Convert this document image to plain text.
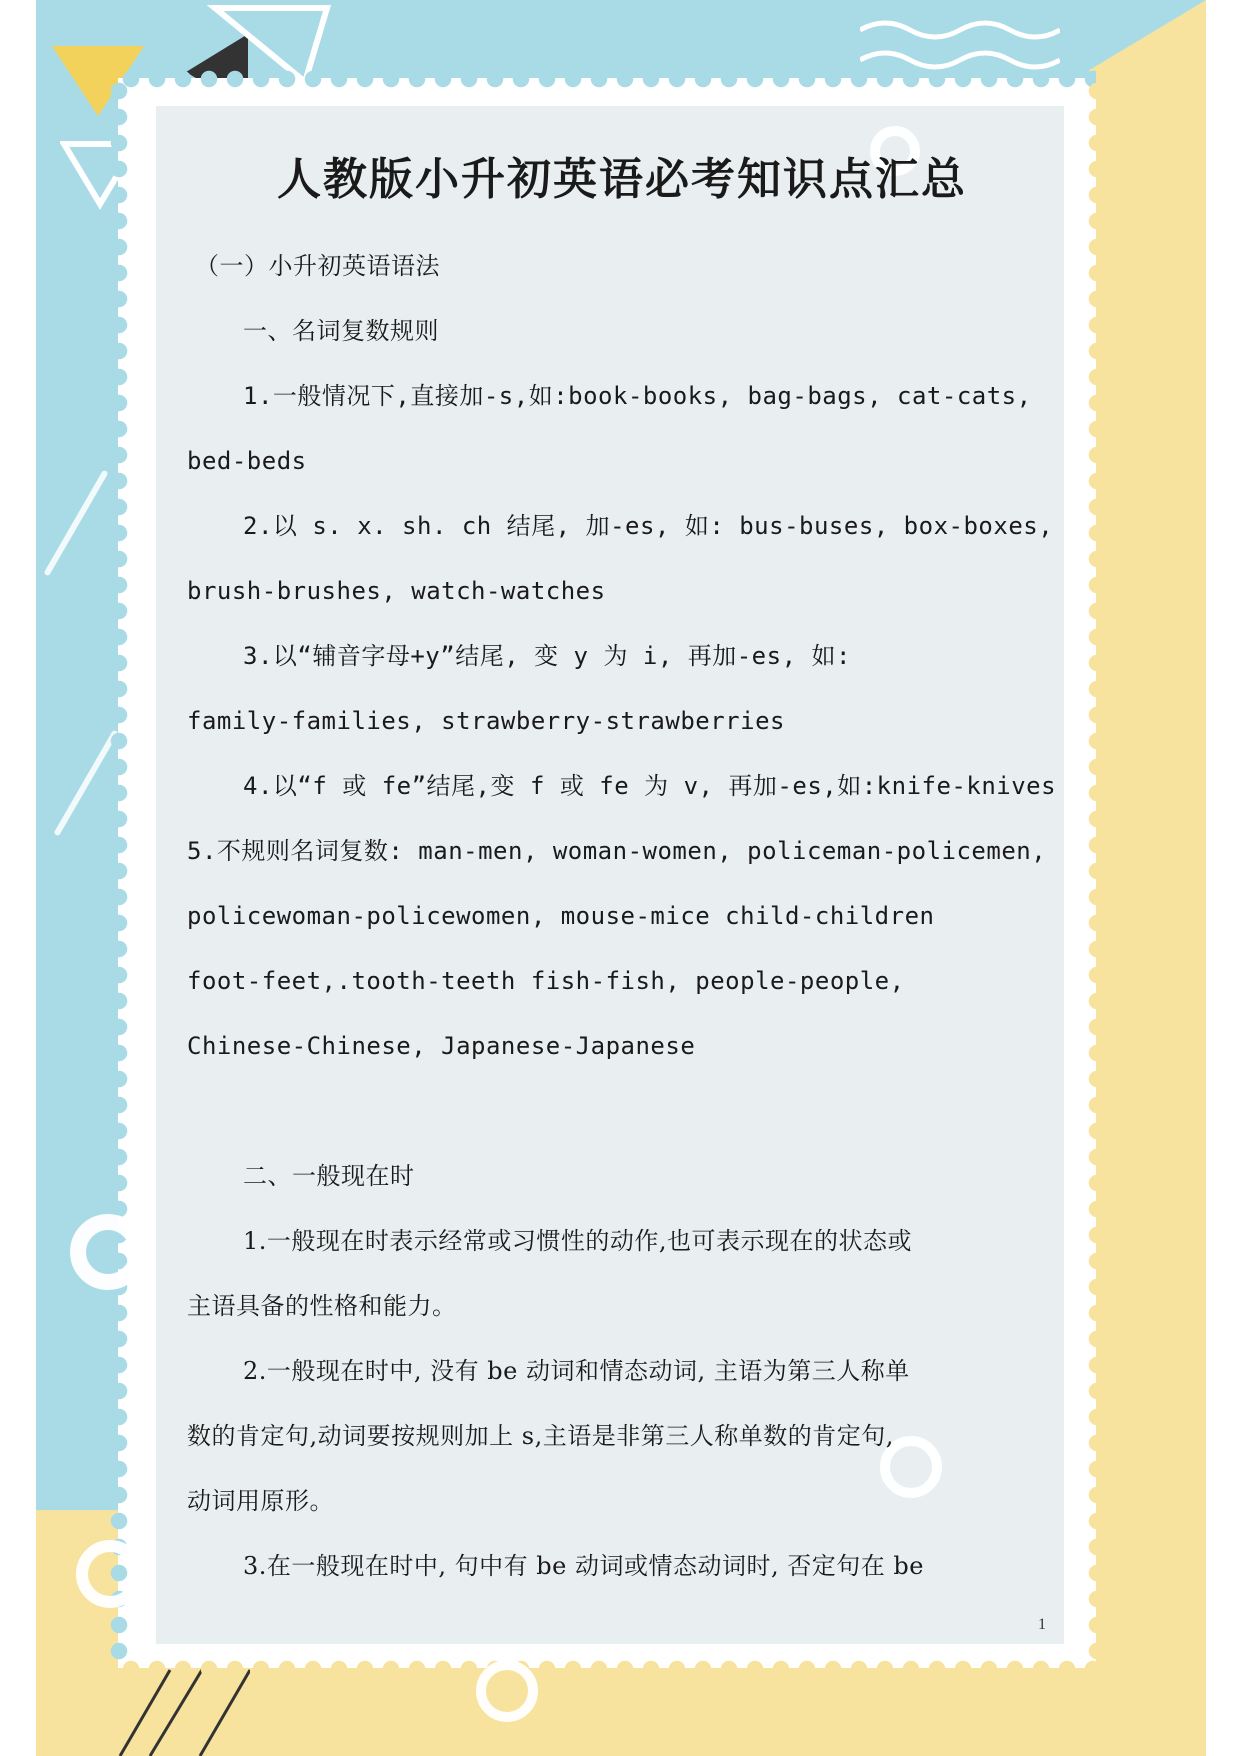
人教版小升初英语必考知识点汇总
（一）小升初英语语法
一、名词复数规则
1.一般情况下,直接加-s,如:book-books, bag-bags, cat-cats,
bed-beds
2.以 s. x. sh. ch 结尾, 加-es, 如: bus-buses, box-boxes,
brush-brushes, watch-watches
3.以“辅音字母+y”结尾, 变 y 为 i, 再加-es, 如:
family-families, strawberry-strawberries
4.以“f 或 fe”结尾,变 f 或 fe 为 v, 再加-es,如:knife-knives
5.不规则名词复数: man-men, woman-women, policeman-policemen,
policewoman-policewomen, mouse-mice child-children
foot-feet,.tooth-teeth fish-fish, people-people,
Chinese-Chinese, Japanese-Japanese
二、一般现在时
1.一般现在时表示经常或习惯性的动作,也可表示现在的状态或
主语具备的性格和能力。
2.一般现在时中, 没有 be 动词和情态动词, 主语为第三人称单
数的肯定句,动词要按规则加上 s,主语是非第三人称单数的肯定句,
动词用原形。
3.在一般现在时中, 句中有 be 动词或情态动词时, 否定句在 be
1
